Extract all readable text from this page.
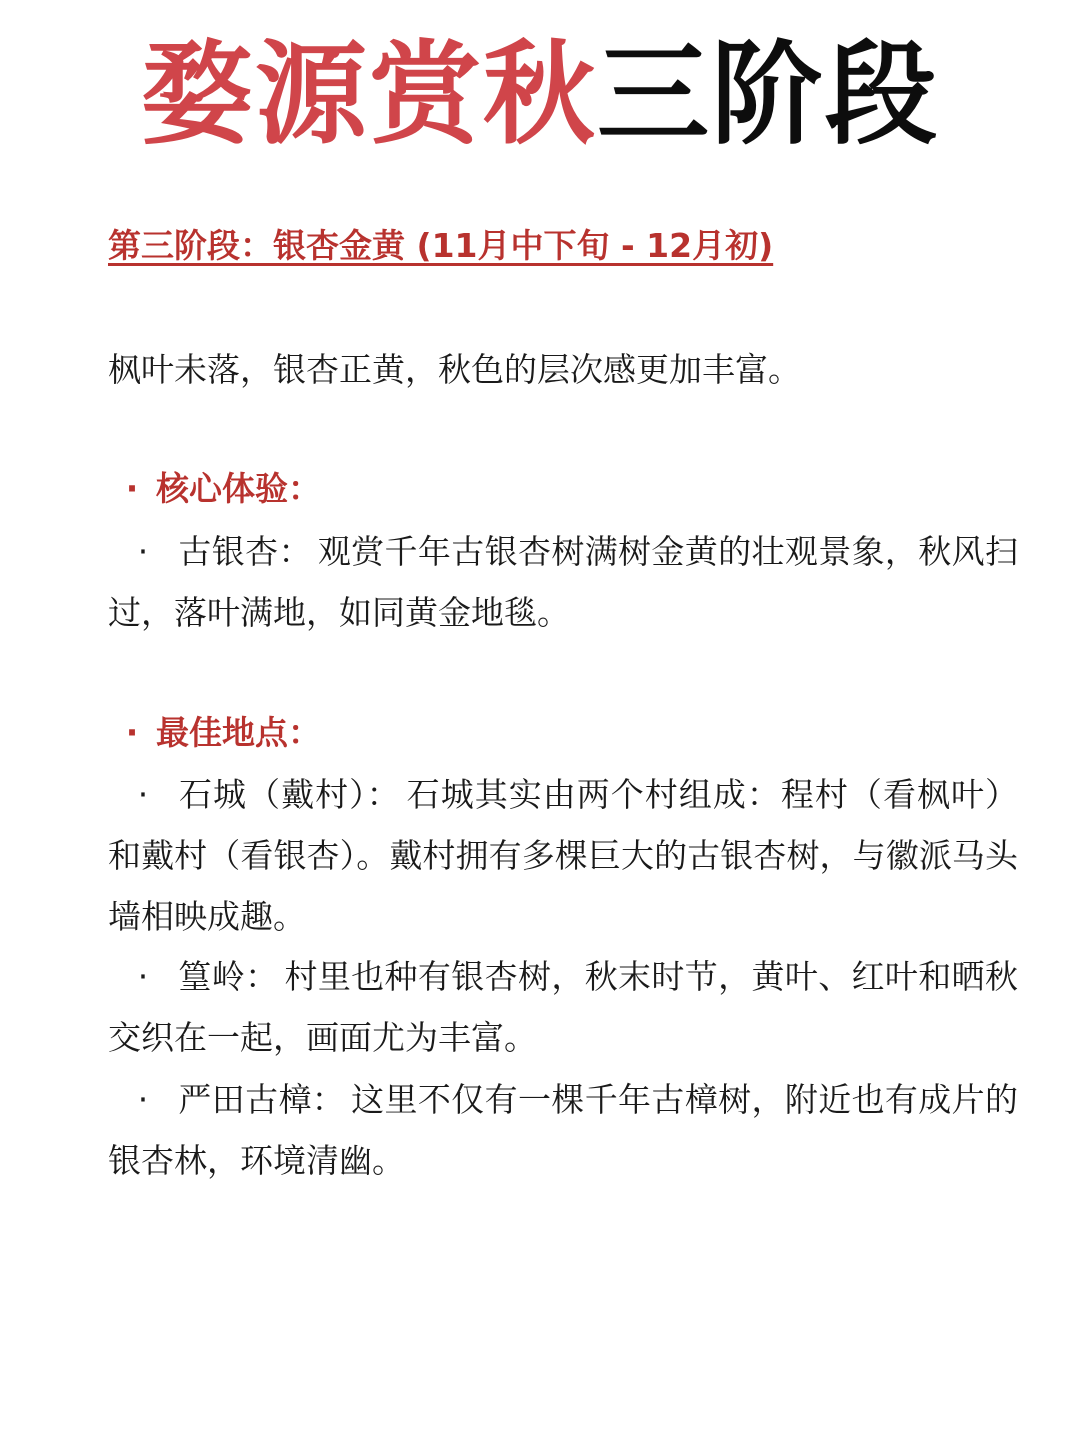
婺源赏秋三阶段
第三阶段：银杏金黄 (11月中下旬 - 12月初)
枫叶未落，银杏正黄，秋色的层次感更加丰富。
· 核心体验：
· 古银杏： 观赏千年古银杏树满树金黄的壮观景象，秋风扫过，落叶满地，如同黄金地毯。
· 最佳地点：
· 石城（戴村）： 石城其实由两个村组成：程村（看枫叶）和戴村（看银杏）。戴村拥有多棵巨大的古银杏树，与徽派马头墙相映成趣。
· 篁岭： 村里也种有银杏树，秋末时节，黄叶、红叶和晒秋交织在一起，画面尤为丰富。
· 严田古樟： 这里不仅有一棵千年古樟树，附近也有成片的银杏林，环境清幽。
